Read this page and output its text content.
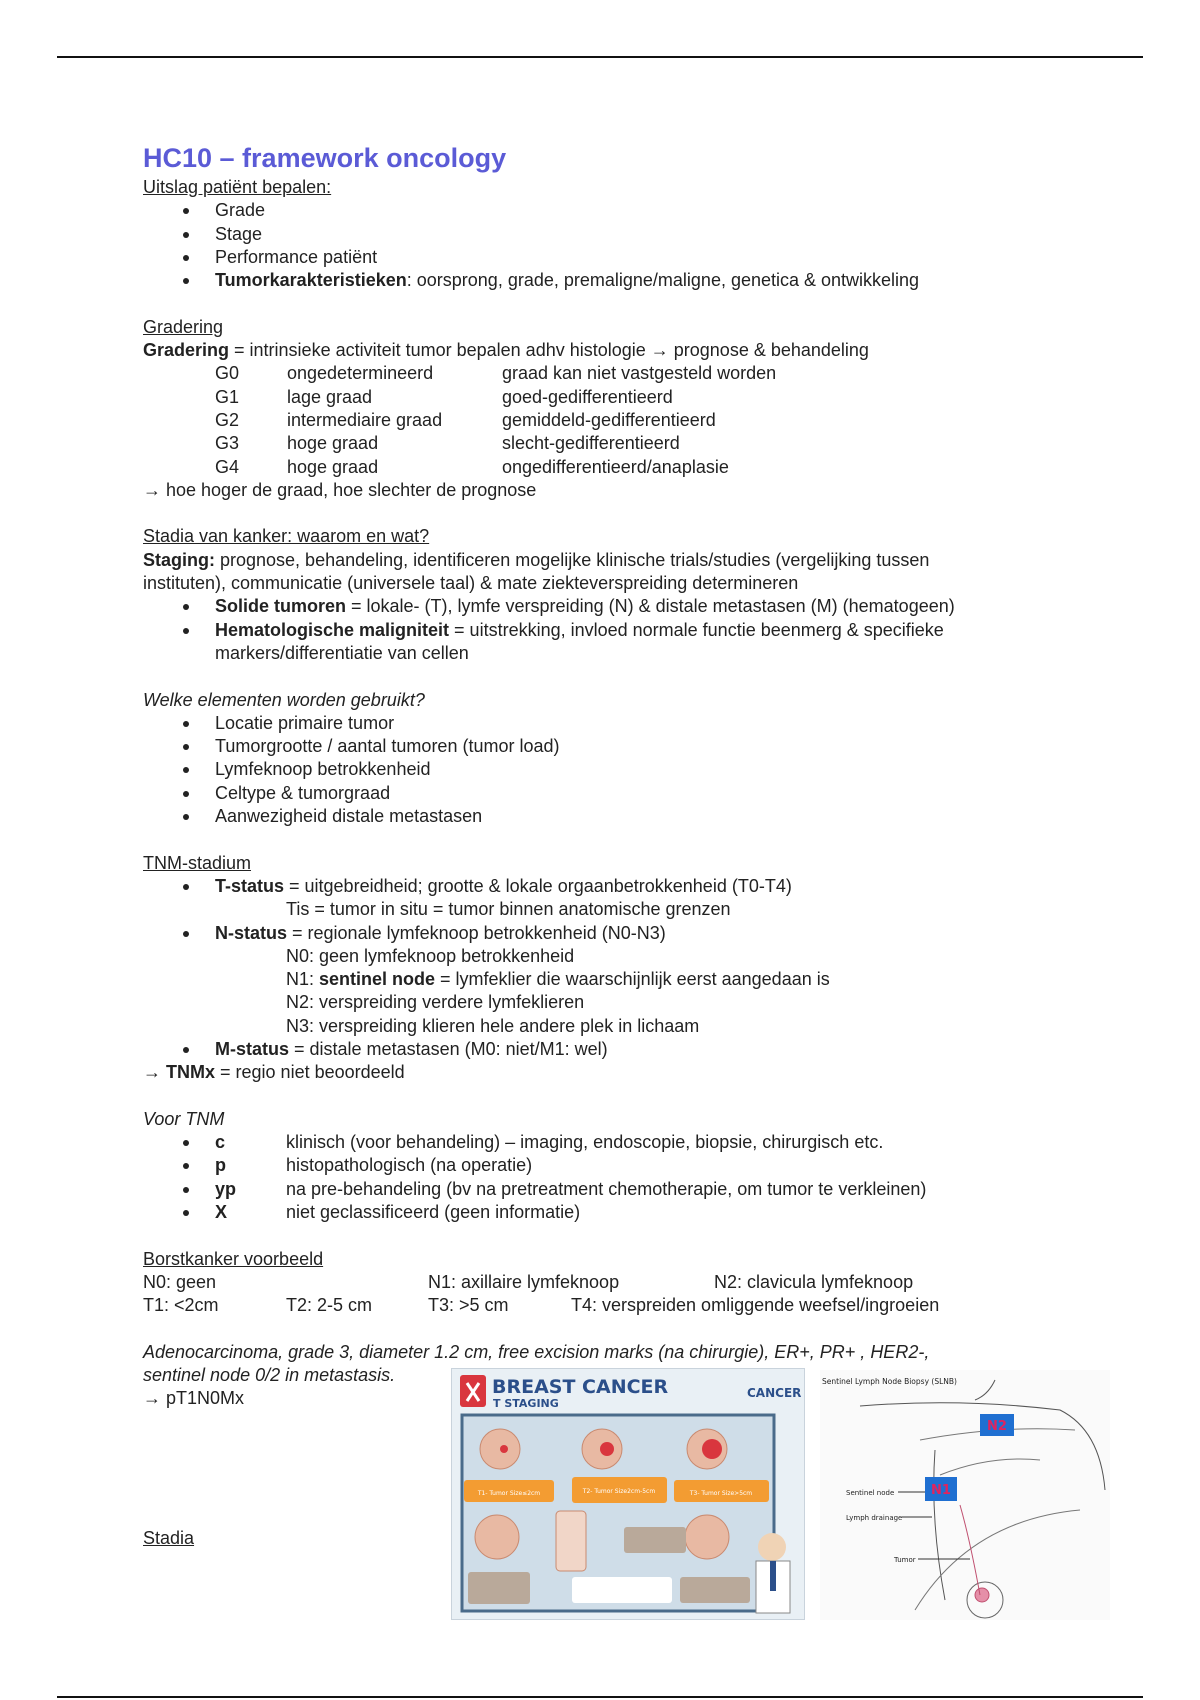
HC10 – framework oncology
Uitslag patiënt bepalen:
Grade
Stage
Performance patiënt
Tumorkarakteristieken: oorsprong, grade, premaligne/maligne, genetica & ontwikkeling
Gradering
Gradering = intrinsieke activiteit tumor bepalen adhv histologie → prognose & behandeling
G0	ongedetermineerd	graad kan niet vastgesteld worden
G1	lage graad	goed-gedifferentieerd
G2	intermediaire graad	gemiddeld-gedifferentieerd
G3	hoge graad	slecht-gedifferentieerd
G4	hoge graad	ongedifferentieerd/anaplasie
→ hoe hoger de graad, hoe slechter de prognose
Stadia van kanker: waarom en wat?
Staging: prognose, behandeling, identificeren mogelijke klinische trials/studies (vergelijking tussen
instituten), communicatie (universele taal) & mate ziekteverspreiding determineren
Solide tumoren = lokale- (T), lymfe verspreiding (N) & distale metastasen (M) (hematogeen)
Hematologische maligniteit = uitstrekking, invloed normale functie beenmerg & specifieke
markers/differentiatie van cellen
Welke elementen worden gebruikt?
Locatie primaire tumor
Tumorgrootte / aantal tumoren (tumor load)
Lymfeknoop betrokkenheid
Celtype & tumorgraad
Aanwezigheid distale metastasen
TNM-stadium
T-status = uitgebreidheid; grootte & lokale orgaanbetrokkenheid (T0-T4)
Tis = tumor in situ = tumor binnen anatomische grenzen
N-status = regionale lymfeknoop betrokkenheid (N0-N3)
N0: geen lymfeknoop betrokkenheid
N1: sentinel node = lymfeklier die waarschijnlijk eerst aangedaan is
N2: verspreiding verdere lymfeklieren
N3: verspreiding klieren hele andere plek in lichaam
M-status = distale metastasen (M0: niet/M1: wel)
→ TNMx = regio niet beoordeeld
Voor TNM
c	klinisch (voor behandeling) – imaging, endoscopie, biopsie, chirurgisch etc.
p	histopathologisch (na operatie)
yp	na pre-behandeling (bv na pretreatment chemotherapie, om tumor te verkleinen)
X	niet geclassificeerd (geen informatie)
Borstkanker voorbeeld
N0: geen	N1: axillaire lymfeknoop	N2: clavicula lymfeknoop
T1: <2cm	T2: 2-5 cm	T3: >5 cm	T4: verspreiden omliggende weefsel/ingroeien
Adenocarcinoma, grade 3, diameter 1.2 cm, free excision marks (na chirurgie), ER+, PR+ , HER2-,
sentinel node 0/2 in metastasis.
→ pT1N0Mx
Stadia
BREAST CANCER
T STAGING
CANCER
T1- Tumor Size≤2cm	T2- Tumor Size2cm-5cm	T3- Tumor Size>5cm
Sentinel Lymph Node Biopsy (SLNB)
N2
N1
Sentinel node
Lymph drainage
Tumor
